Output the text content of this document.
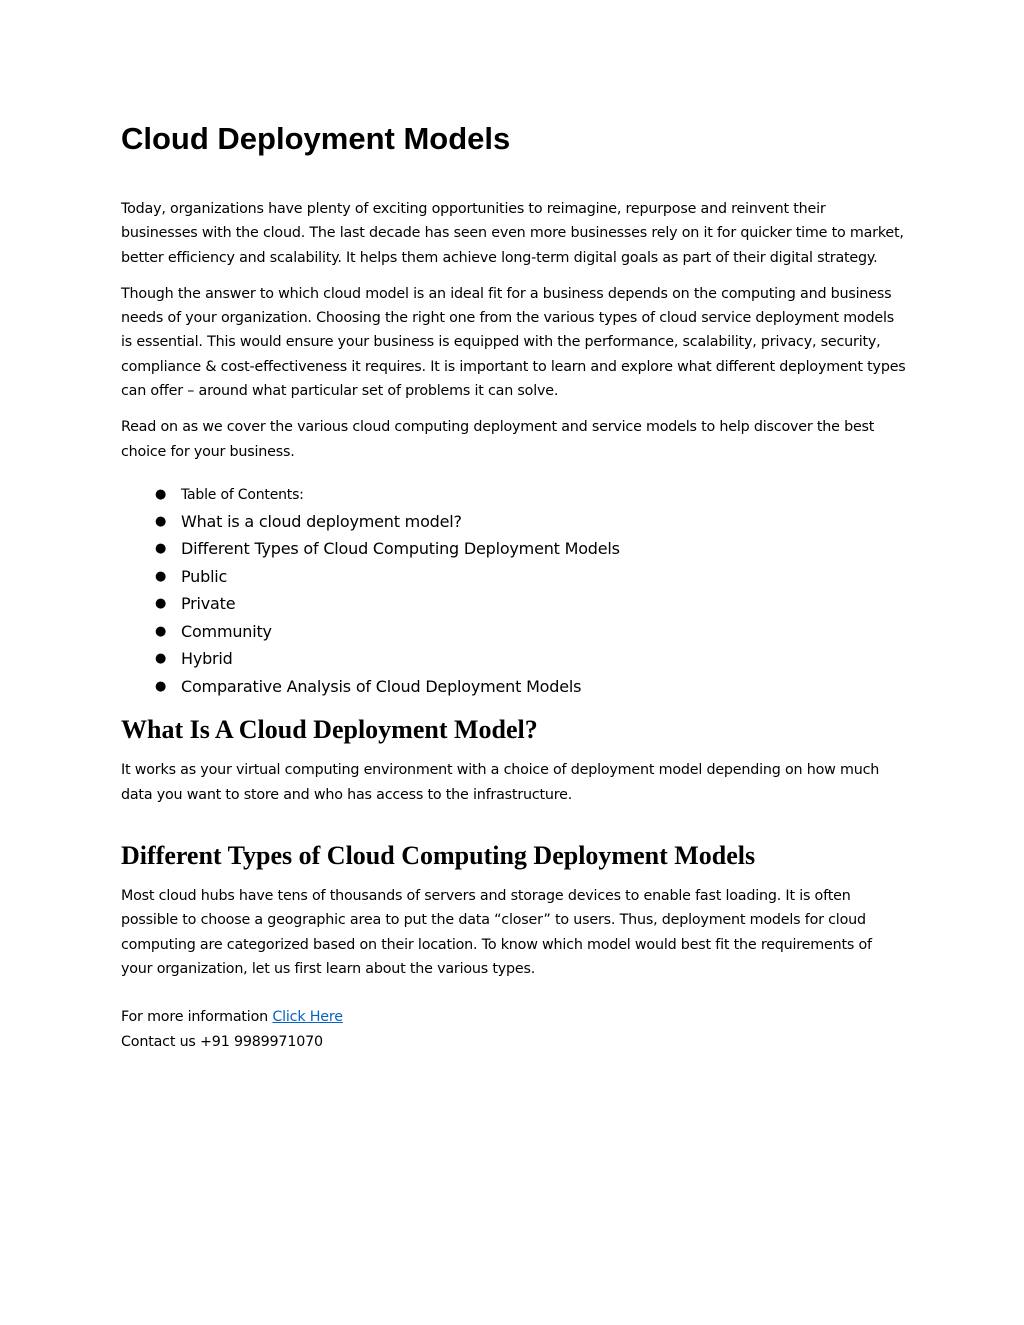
Cloud Deployment Models

Today, organizations have plenty of exciting opportunities to reimagine, repurpose and reinvent their businesses with the cloud. The last decade has seen even more businesses rely on it for quicker time to market, better efficiency and scalability. It helps them achieve long-term digital goals as part of their digital strategy.

Though the answer to which cloud model is an ideal fit for a business depends on the computing and business needs of your organization. Choosing the right one from the various types of cloud service deployment models is essential. This would ensure your business is equipped with the performance, scalability, privacy, security, compliance & cost-effectiveness it requires. It is important to learn and explore what different deployment types can offer – around what particular set of problems it can solve.

Read on as we cover the various cloud computing deployment and service models to help discover the best choice for your business.

● Table of Contents:
● What is a cloud deployment model?
● Different Types of Cloud Computing Deployment Models
● Public
● Private
● Community
● Hybrid
● Comparative Analysis of Cloud Deployment Models
What Is A Cloud Deployment Model?

It works as your virtual computing environment with a choice of deployment model depending on how much data you want to store and who has access to the infrastructure.

Different Types of Cloud Computing Deployment Models

Most cloud hubs have tens of thousands of servers and storage devices to enable fast loading. It is often possible to choose a geographic area to put the data “closer” to users. Thus, deployment models for cloud computing are categorized based on their location. To know which model would best fit the requirements of your organization, let us first learn about the various types.

For more information Click Here
Contact us +91 9989971070
